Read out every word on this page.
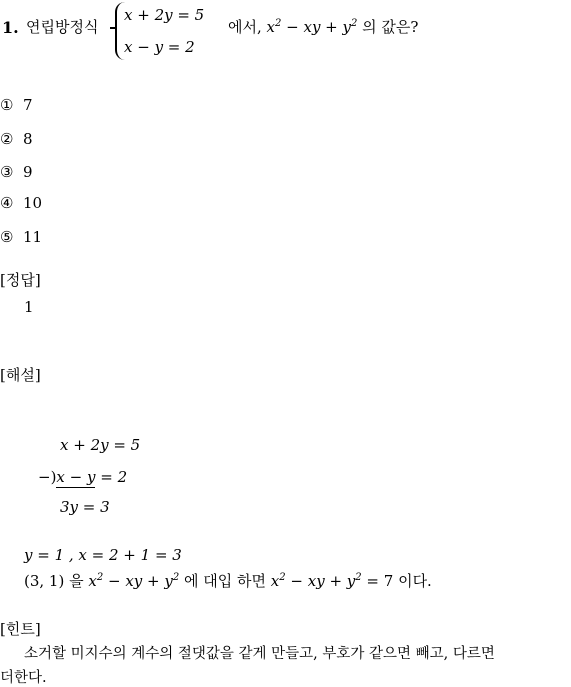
1. 연립방정식
x + 2y = 5
x − y = 2
에서, $x^2$ − xy + $y^2$ 의 값은?
① 7
② 8
③ 9
④ 10
⑤ 11
[정답]
1
[해설]
x + 2y = 5
−)x − y = 2
3y = 3
y = 1 , x = 2 + 1 = 3
(3, 1) 을 $x^2$ − xy + $y^2$ 에 대입 하면 $x^2$ − xy + $y^2 = 7$ 이다.
[힌트]
소거할 미지수의 계수의 절댓값을 같게 만들고, 부호가 같으면 빼고, 다르면
더한다.
